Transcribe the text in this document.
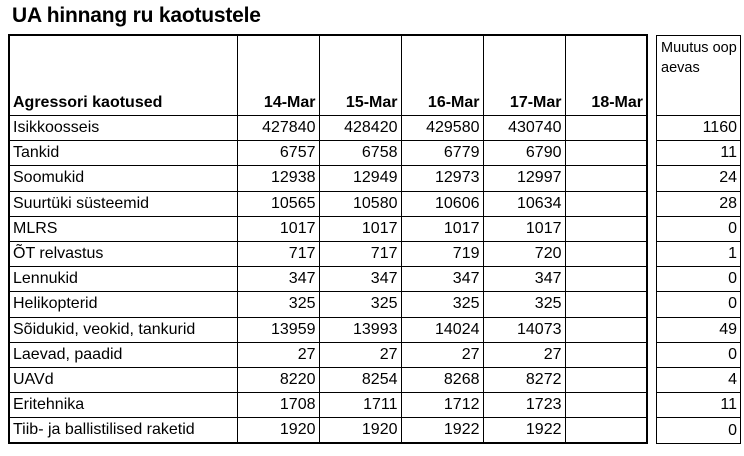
UA hinnang ru kaotustele
Agressori kaotused	14-Mar	15-Mar	16-Mar	17-Mar	18-Mar		Muutus oopaevas
Isikkoosseis	427840	428420	429580	430740			1160
Tankid	6757	6758	6779	6790			11
Soomukid	12938	12949	12973	12997			24
Suurtüki süsteemid	10565	10580	10606	10634			28
MLRS	1017	1017	1017	1017			0
ÕT relvastus	717	717	719	720			1
Lennukid	347	347	347	347			0
Helikopterid	325	325	325	325			0
Sõidukid, veokid, tankurid	13959	13993	14024	14073			49
Laevad, paadid	27	27	27	27			0
UAVd	8220	8254	8268	8272			4
Eritehnika	1708	1711	1712	1723			11
Tiib- ja ballistilised raketid	1920	1920	1922	1922			0
